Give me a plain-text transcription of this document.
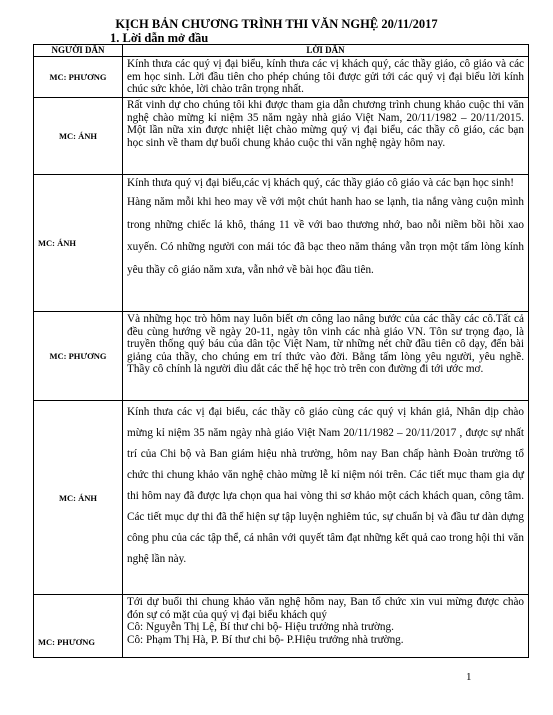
KỊCH BẢN CHƯƠNG TRÌNH THI VĂN NGHỆ 20/11/2017
1. Lời dẫn mở đầu
NGƯỜI DẪN	LỜI DẪN
MC: PHƯƠNG	Kính thưa các quý vị đại biểu, kính thưa các vị khách quý, các thầy giáo, cô giáo và các em học sinh. Lời đầu tiên cho phép chúng tôi được gửi tới các quý vị đại biểu lời kính chúc sức khỏe, lời chào trân trọng nhất.
MC: ÁNH	Rất vinh dự cho chúng tôi khi được tham gia dẫn chương trình chung khảo cuộc thi văn nghệ chào mừng kỉ niệm 35 năm ngày nhà giáo Việt Nam, 20/11/1982 – 20/11/2015. Một lần nữa xin được nhiệt liệt chào mừng quý vị đại biểu, các thầy cô giáo, các bạn học sinh về tham dự buổi chung khảo cuộc thi văn nghệ ngày hôm nay.
MC: ÁNH	Kính thưa quý vị đại biểu,các vị khách quý, các thầy giáo cô giáo và các bạn học sinh!

Hàng năm mỗi khi heo may về với một chút hanh hao se lạnh, tia nắng vàng cuộn mình trong những chiếc lá khô, tháng 11 về với bao thương nhớ, bao nỗi niềm bồi hồi xao xuyến. Có những người con mái tóc đã bạc theo năm tháng vẫn trọn một tấm lòng kính yêu thầy cô giáo năm xưa, vẫn nhớ về bài học đầu tiên.

MC: PHƯƠNG	Và những học trò hôm nay luôn biết ơn công lao nâng bước của các thầy các cô.Tất cả đều cùng hướng về ngày 20-11, ngày tôn vinh các nhà giáo VN. Tôn sư trọng đạo, là truyền thống quý báu của dân tộc Việt Nam, từ những nét chữ đầu tiên cô dạy, đến bài giảng của thầy, cho chúng em trí thức vào đời. Bằng tấm lòng yêu người, yêu nghề. Thầy cô chính là người dìu dắt các thế hệ học trò trên con đường đi tới ước mơ.
MC: ÁNH	Kính thưa các vị đại biểu, các thầy cô giáo cùng các quý vị khán giả, Nhân dịp chào mừng kỉ niệm 35 năm ngày nhà giáo Việt Nam 20/11/1982 – 20/11/2017 , được sự nhất trí của Chi bộ và Ban giám hiệu nhà trường, hôm nay Ban chấp hành Đoàn trường tổ chức thi chung khảo văn nghệ chào mừng lễ kỉ niệm nói trên. Các tiết mục tham gia dự thi hôm nay đã được lựa chọn qua hai vòng thi sơ khảo một cách khách quan, công tâm. Các tiết mục dự thi đã thể hiện sự tập luyện nghiêm túc, sự chuẩn bị và đầu tư dàn dựng công phu của các tập thể, cá nhân với quyết tâm đạt những kết quả cao trong hội thi văn nghệ lần này.
MC: PHƯƠNG	Tới dự buổi thi chung khảo văn nghệ hôm nay, Ban tổ chức xin vui mừng được chào đón sự có mặt của quý vị đại biểu khách quý

Cô: Nguyễn Thị Lệ, Bí thư chi bộ- Hiệu trưởng nhà trường.

Cô: Phạm Thị Hà, P. Bí thư chi bộ- P.Hiệu trưởng nhà trường.

1
